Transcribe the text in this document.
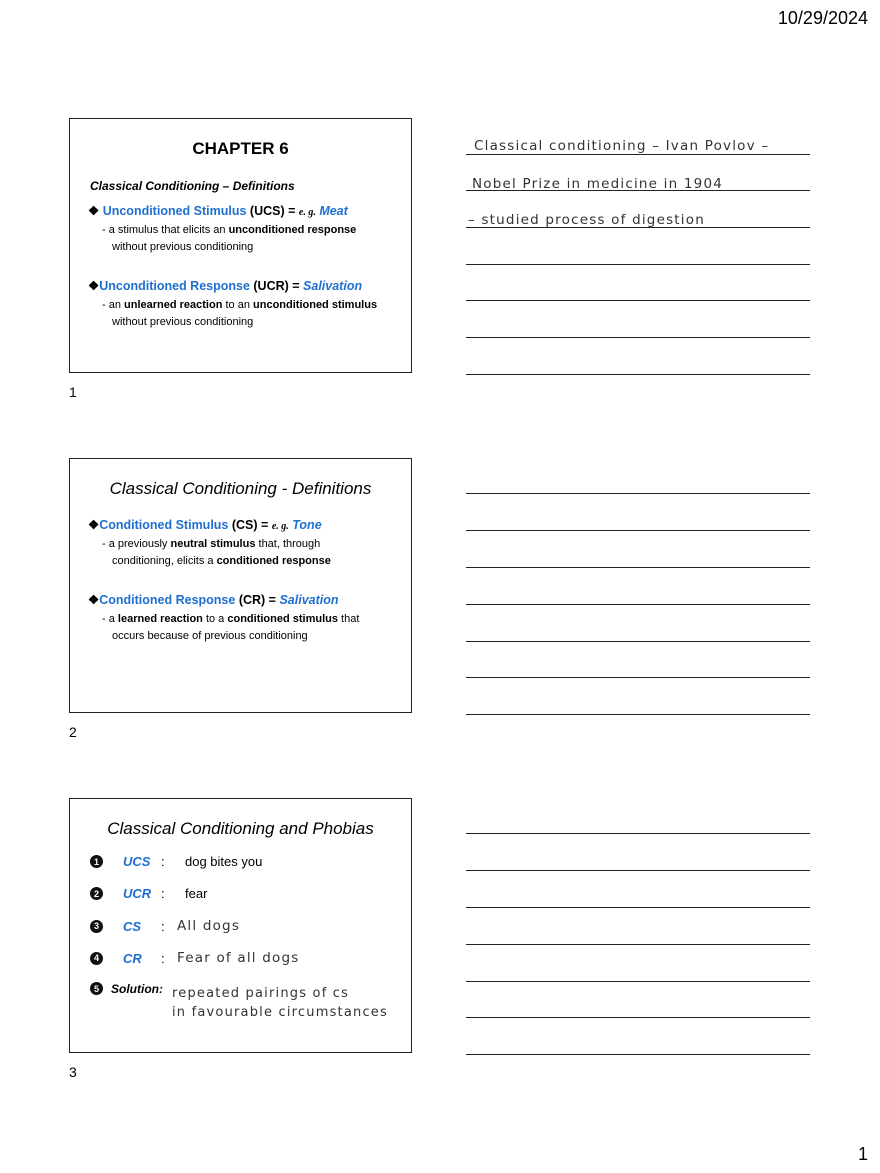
10/29/2024
CHAPTER 6
Classical Conditioning – Definitions
❖ Unconditioned Stimulus (UCS) = e. g. Meat
- a stimulus that elicits an unconditioned response
without previous conditioning
❖Unconditioned Response (UCR) = Salivation
- an unlearned reaction to an unconditioned stimulus
without previous conditioning
1
Classical conditioning – Ivan Povlov –
Nobel Prize in medicine in 1904
– studied process of digestion
Classical Conditioning - Definitions
❖Conditioned Stimulus (CS) = e. g. Tone
- a previously neutral stimulus that, through
conditioning, elicits a conditioned response
❖Conditioned Response (CR) = Salivation
- a learned reaction to a conditioned stimulus that
occurs because of previous conditioning
2
Classical Conditioning and Phobias
1	UCS :	dog bites you
2	UCR :	fear
3	CS	: All dogs
4	CR	: Fear of all dogs
5	Solution: repeated pairings of cs
in favourable circumstances
3
1
